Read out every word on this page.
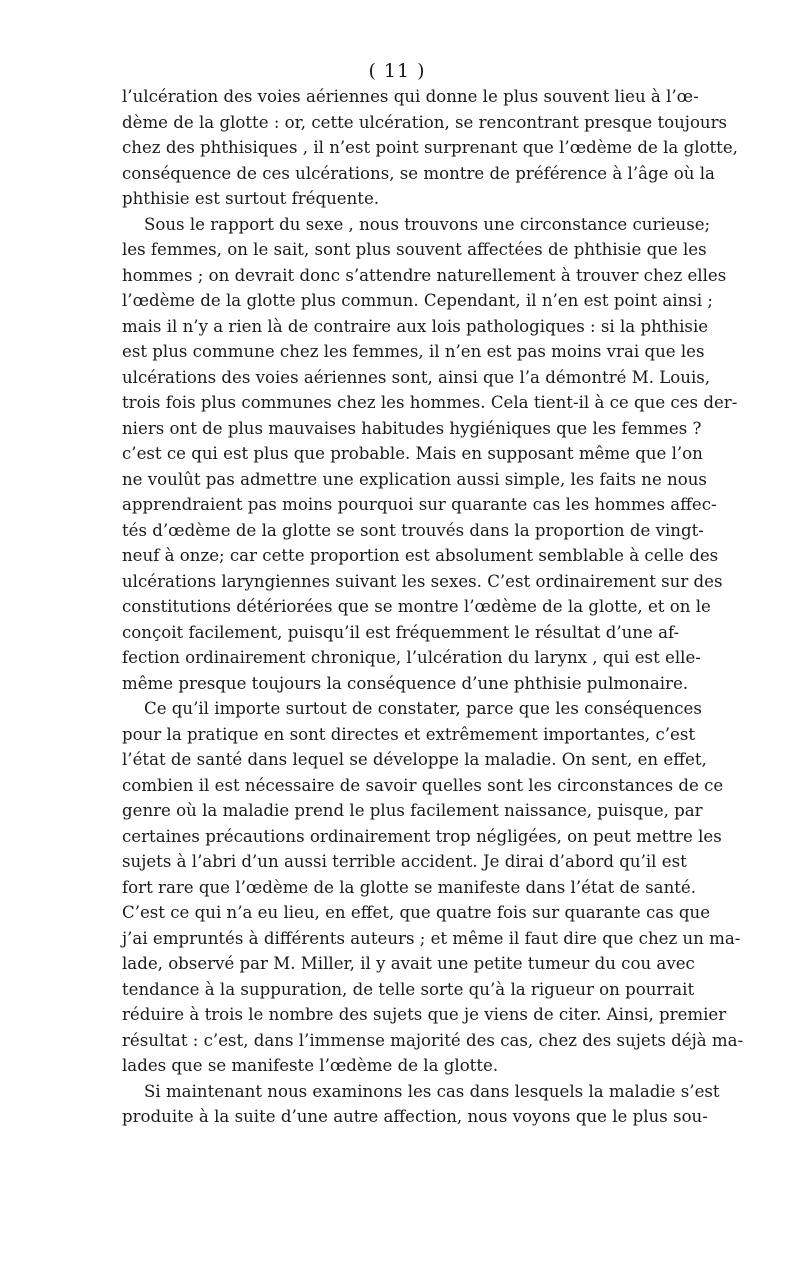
( 11 )
l’ulcération des voies aériennes qui donne le plus souvent lieu à l’œ-
dème de la glotte : or, cette ulcération, se rencontrant presque toujours
chez des phthisiques , il n’est point surprenant que l’œdème de la glotte,
conséquence de ces ulcérations, se montre de préférence à l’âge où la
phthisie est surtout fréquente.
Sous le rapport du sexe , nous trouvons une circonstance curieuse;
les femmes, on le sait, sont plus souvent affectées de phthisie que les
hommes ; on devrait donc s’attendre naturellement à trouver chez elles
l’œdème de la glotte plus commun. Cependant, il n’en est point ainsi ;
mais il n’y a rien là de contraire aux lois pathologiques : si la phthisie
est plus commune chez les femmes, il n’en est pas moins vrai que les
ulcérations des voies aériennes sont, ainsi que l’a démontré M. Louis,
trois fois plus communes chez les hommes. Cela tient-il à ce que ces der-
niers ont de plus mauvaises habitudes hygiéniques que les femmes ?
c’est ce qui est plus que probable. Mais en supposant même que l’on
ne voulût pas admettre une explication aussi simple, les faits ne nous
apprendraient pas moins pourquoi sur quarante cas les hommes affec-
tés d’œdème de la glotte se sont trouvés dans la proportion de vingt-
neuf à onze; car cette proportion est absolument semblable à celle des
ulcérations laryngiennes suivant les sexes. C’est ordinairement sur des
constitutions détériorées que se montre l’œdème de la glotte, et on le
conçoit facilement, puisqu’il est fréquemment le résultat d’une af-
fection ordinairement chronique, l’ulcération du larynx , qui est elle-
même presque toujours la conséquence d’une phthisie pulmonaire.
Ce qu’il importe surtout de constater, parce que les conséquences
pour la pratique en sont directes et extrêmement importantes, c’est
l’état de santé dans lequel se développe la maladie. On sent, en effet,
combien il est nécessaire de savoir quelles sont les circonstances de ce
genre où la maladie prend le plus facilement naissance, puisque, par
certaines précautions ordinairement trop négligées, on peut mettre les
sujets à l’abri d’un aussi terrible accident. Je dirai d’abord qu’il est
fort rare que l’œdème de la glotte se manifeste dans l’état de santé.
C’est ce qui n’a eu lieu, en effet, que quatre fois sur quarante cas que
j’ai empruntés à différents auteurs ; et même il faut dire que chez un ma-
lade, observé par M. Miller, il y avait une petite tumeur du cou avec
tendance à la suppuration, de telle sorte qu’à la rigueur on pourrait
réduire à trois le nombre des sujets que je viens de citer. Ainsi, premier
résultat : c’est, dans l’immense majorité des cas, chez des sujets déjà ma-
lades que se manifeste l’œdème de la glotte.
Si maintenant nous examinons les cas dans lesquels la maladie s’est
produite à la suite d’une autre affection, nous voyons que le plus sou-
